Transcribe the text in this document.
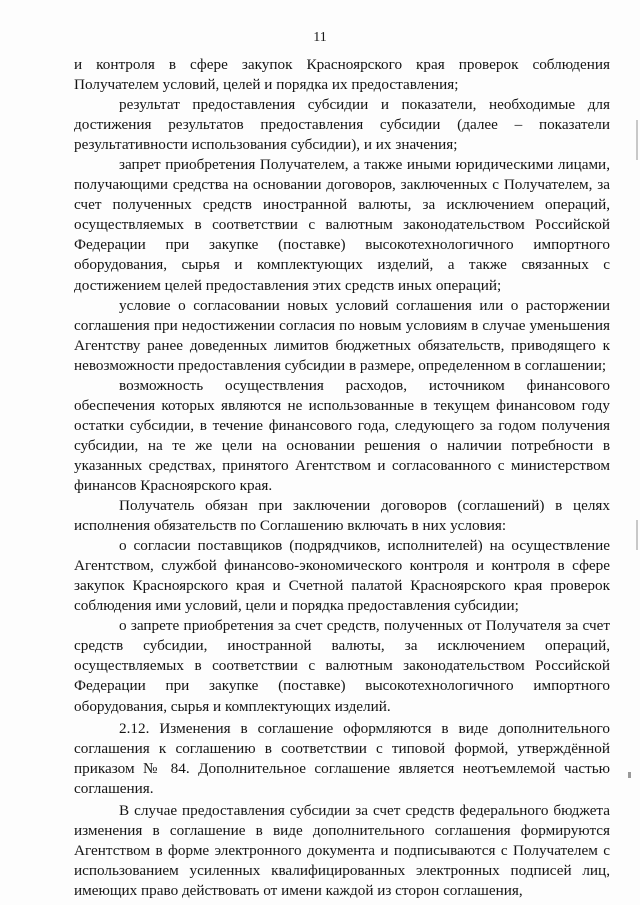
11

и контроля в сфере закупок Красноярского края проверок соблюдения Получателем условий, целей и порядка их предоставления;

результат предоставления субсидии и показатели, необходимые для достижения результатов предоставления субсидии (далее – показатели результативности использования субсидии), и их значения;

запрет приобретения Получателем, а также иными юридическими лицами, получающими средства на основании договоров, заключенных с Получателем, за счет полученных средств иностранной валюты, за исключением операций, осуществляемых в соответствии с валютным законодательством Российской Федерации при закупке (поставке) высокотехнологичного импортного оборудования, сырья и комплектующих изделий, а также связанных с достижением целей предоставления этих средств иных операций;

условие о согласовании новых условий соглашения или о расторжении соглашения при недостижении согласия по новым условиям в случае уменьшения Агентству ранее доведенных лимитов бюджетных обязательств, приводящего к невозможности предоставления субсидии в размере, определенном в соглашении;

возможность осуществления расходов, источником финансового обеспечения которых являются не использованные в текущем финансовом году остатки субсидии, в течение финансового года, следующего за годом получения субсидии, на те же цели на основании решения о наличии потребности в указанных средствах, принятого Агентством и согласованного с министерством финансов Красноярского края.

Получатель обязан при заключении договоров (соглашений) в целях исполнения обязательств по Соглашению включать в них условия:

о согласии поставщиков (подрядчиков, исполнителей) на осуществление Агентством, службой финансово-экономического контроля и контроля в сфере закупок Красноярского края и Счетной палатой Красноярского края проверок соблюдения ими условий, цели и порядка предоставления субсидии;

о запрете приобретения за счет средств, полученных от Получателя за счет средств субсидии, иностранной валюты, за исключением операций, осуществляемых в соответствии с валютным законодательством Российской Федерации при закупке (поставке) высокотехнологичного импортного оборудования, сырья и комплектующих изделий.

2.12. Изменения в соглашение оформляются в виде дополнительного соглашения к соглашению в соответствии с типовой формой, утверждённой приказом № 84. Дополнительное соглашение является неотъемлемой частью соглашения.

В случае предоставления субсидии за счет средств федерального бюджета изменения в соглашение в виде дополнительного соглашения формируются Агентством в форме электронного документа и подписываются с Получателем с использованием усиленных квалифицированных электронных подписей лиц, имеющих право действовать от имени каждой из сторон соглашения,
